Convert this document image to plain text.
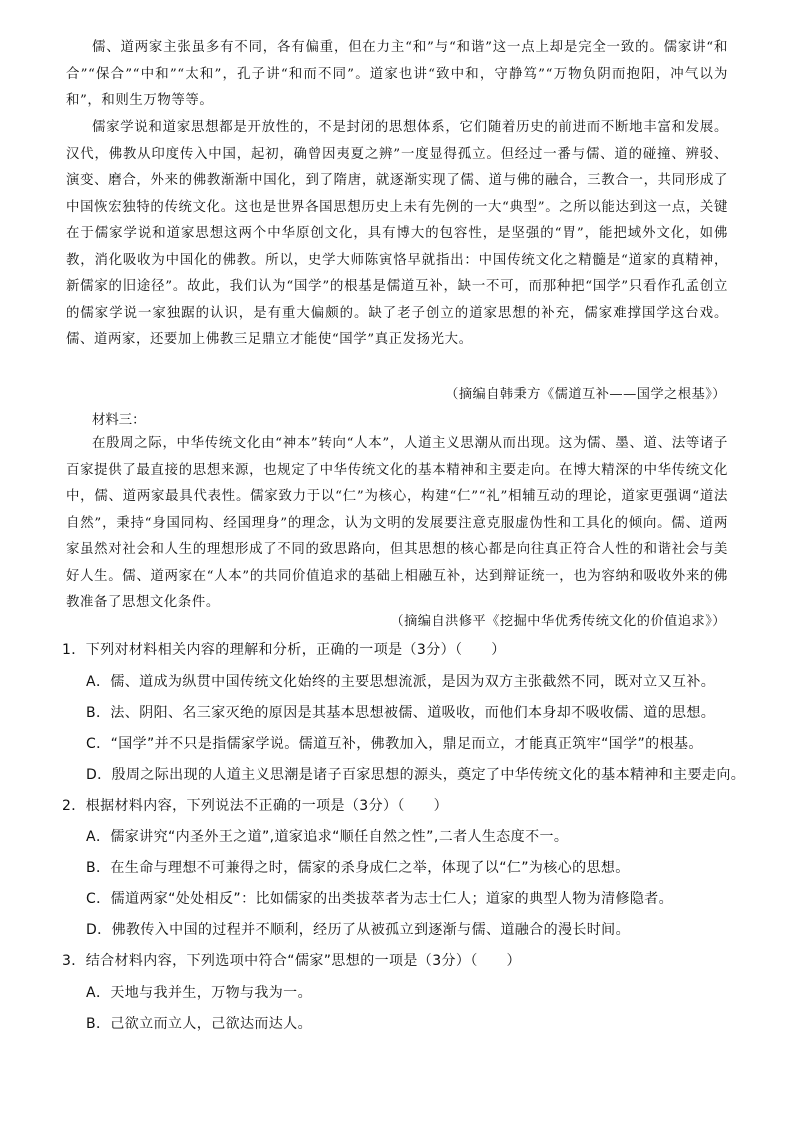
儒、道两家主张虽多有不同，各有偏重，但在力主“和”与“和谐”这一点上却是完全一致的。儒家讲“和合”“保合”“中和”“太和”，孔子讲“和而不同”。道家也讲“致中和，守静笃”“万物负阴而抱阳，冲气以为和”，和则生万物等等。
儒家学说和道家思想都是开放性的，不是封闭的思想体系，它们随着历史的前进而不断地丰富和发展。汉代，佛教从印度传入中国，起初，确曾因夷夏之辨”一度显得孤立。但经过一番与儒、道的碰撞、辨驳、演变、磨合，外来的佛教渐渐中国化，到了隋唐，就逐渐实现了儒、道与佛的融合，三教合一，共同形成了中国恢宏独特的传统文化。这也是世界各国思想历史上未有先例的一大“典型”。之所以能达到这一点，关键在于儒家学说和道家思想这两个中华原创文化，具有博大的包容性，是坚强的“胃”，能把域外文化，如佛教，消化吸收为中国化的佛教。所以，史学大师陈寅恪早就指出：中国传统文化之精髓是“道家的真精神，新儒家的旧途径”。故此，我们认为“国学”的根基是儒道互补，缺一不可，而那种把“国学”只看作孔孟创立的儒家学说一家独踞的认识，是有重大偏颇的。缺了老子创立的道家思想的补充，儒家难撑国学这台戏。儒、道两家，还要加上佛教三足鼎立才能使“国学”真正发扬光大。
（摘编自韩秉方《儒道互补——国学之根基》）
材料三：
在殷周之际，中华传统文化由“神本”转向“人本”，人道主义思潮从而出现。这为儒、墨、道、法等诸子百家提供了最直接的思想来源，也规定了中华传统文化的基本精神和主要走向。在博大精深的中华传统文化中，儒、道两家最具代表性。儒家致力于以“仁”为核心，构建“仁”“礼”相辅互动的理论，道家更强调“道法自然”，秉持“身国同构、经国理身”的理念，认为文明的发展要注意克服虚伪性和工具化的倾向。儒、道两家虽然对社会和人生的理想形成了不同的致思路向，但其思想的核心都是向往真正符合人性的和谐社会与美好人生。儒、道两家在“人本”的共同价值追求的基础上相融互补，达到辩证统一，也为容纳和吸收外来的佛教准备了思想文化条件。
（摘编自洪修平《挖掘中华优秀传统文化的价值追求》）
1．下列对材料相关内容的理解和分析，正确的一项是（3分）（　　）
A．儒、道成为纵贯中国传统文化始终的主要思想流派，是因为双方主张截然不同，既对立又互补。
B．法、阴阳、名三家灭绝的原因是其基本思想被儒、道吸收，而他们本身却不吸收儒、道的思想。
C．“国学”并不只是指儒家学说。儒道互补，佛教加入，鼎足而立，才能真正筑牢“国学”的根基。
D．殷周之际出现的人道主义思潮是诸子百家思想的源头，奠定了中华传统文化的基本精神和主要走向。
2．根据材料内容，下列说法不正确的一项是（3分）（　　）
A．儒家讲究“内圣外王之道”,道家追求“顺任自然之性”,二者人生态度不一。
B．在生命与理想不可兼得之时，儒家的杀身成仁之举，体现了以“仁”为核心的思想。
C．儒道两家“处处相反”：比如儒家的出类拔萃者为志士仁人；道家的典型人物为清修隐者。
D．佛教传入中国的过程并不顺利，经历了从被孤立到逐渐与儒、道融合的漫长时间。
3．结合材料内容，下列选项中符合“儒家”思想的一项是（3分）（　　）
A．天地与我并生，万物与我为一。
B．己欲立而立人，己欲达而达人。
